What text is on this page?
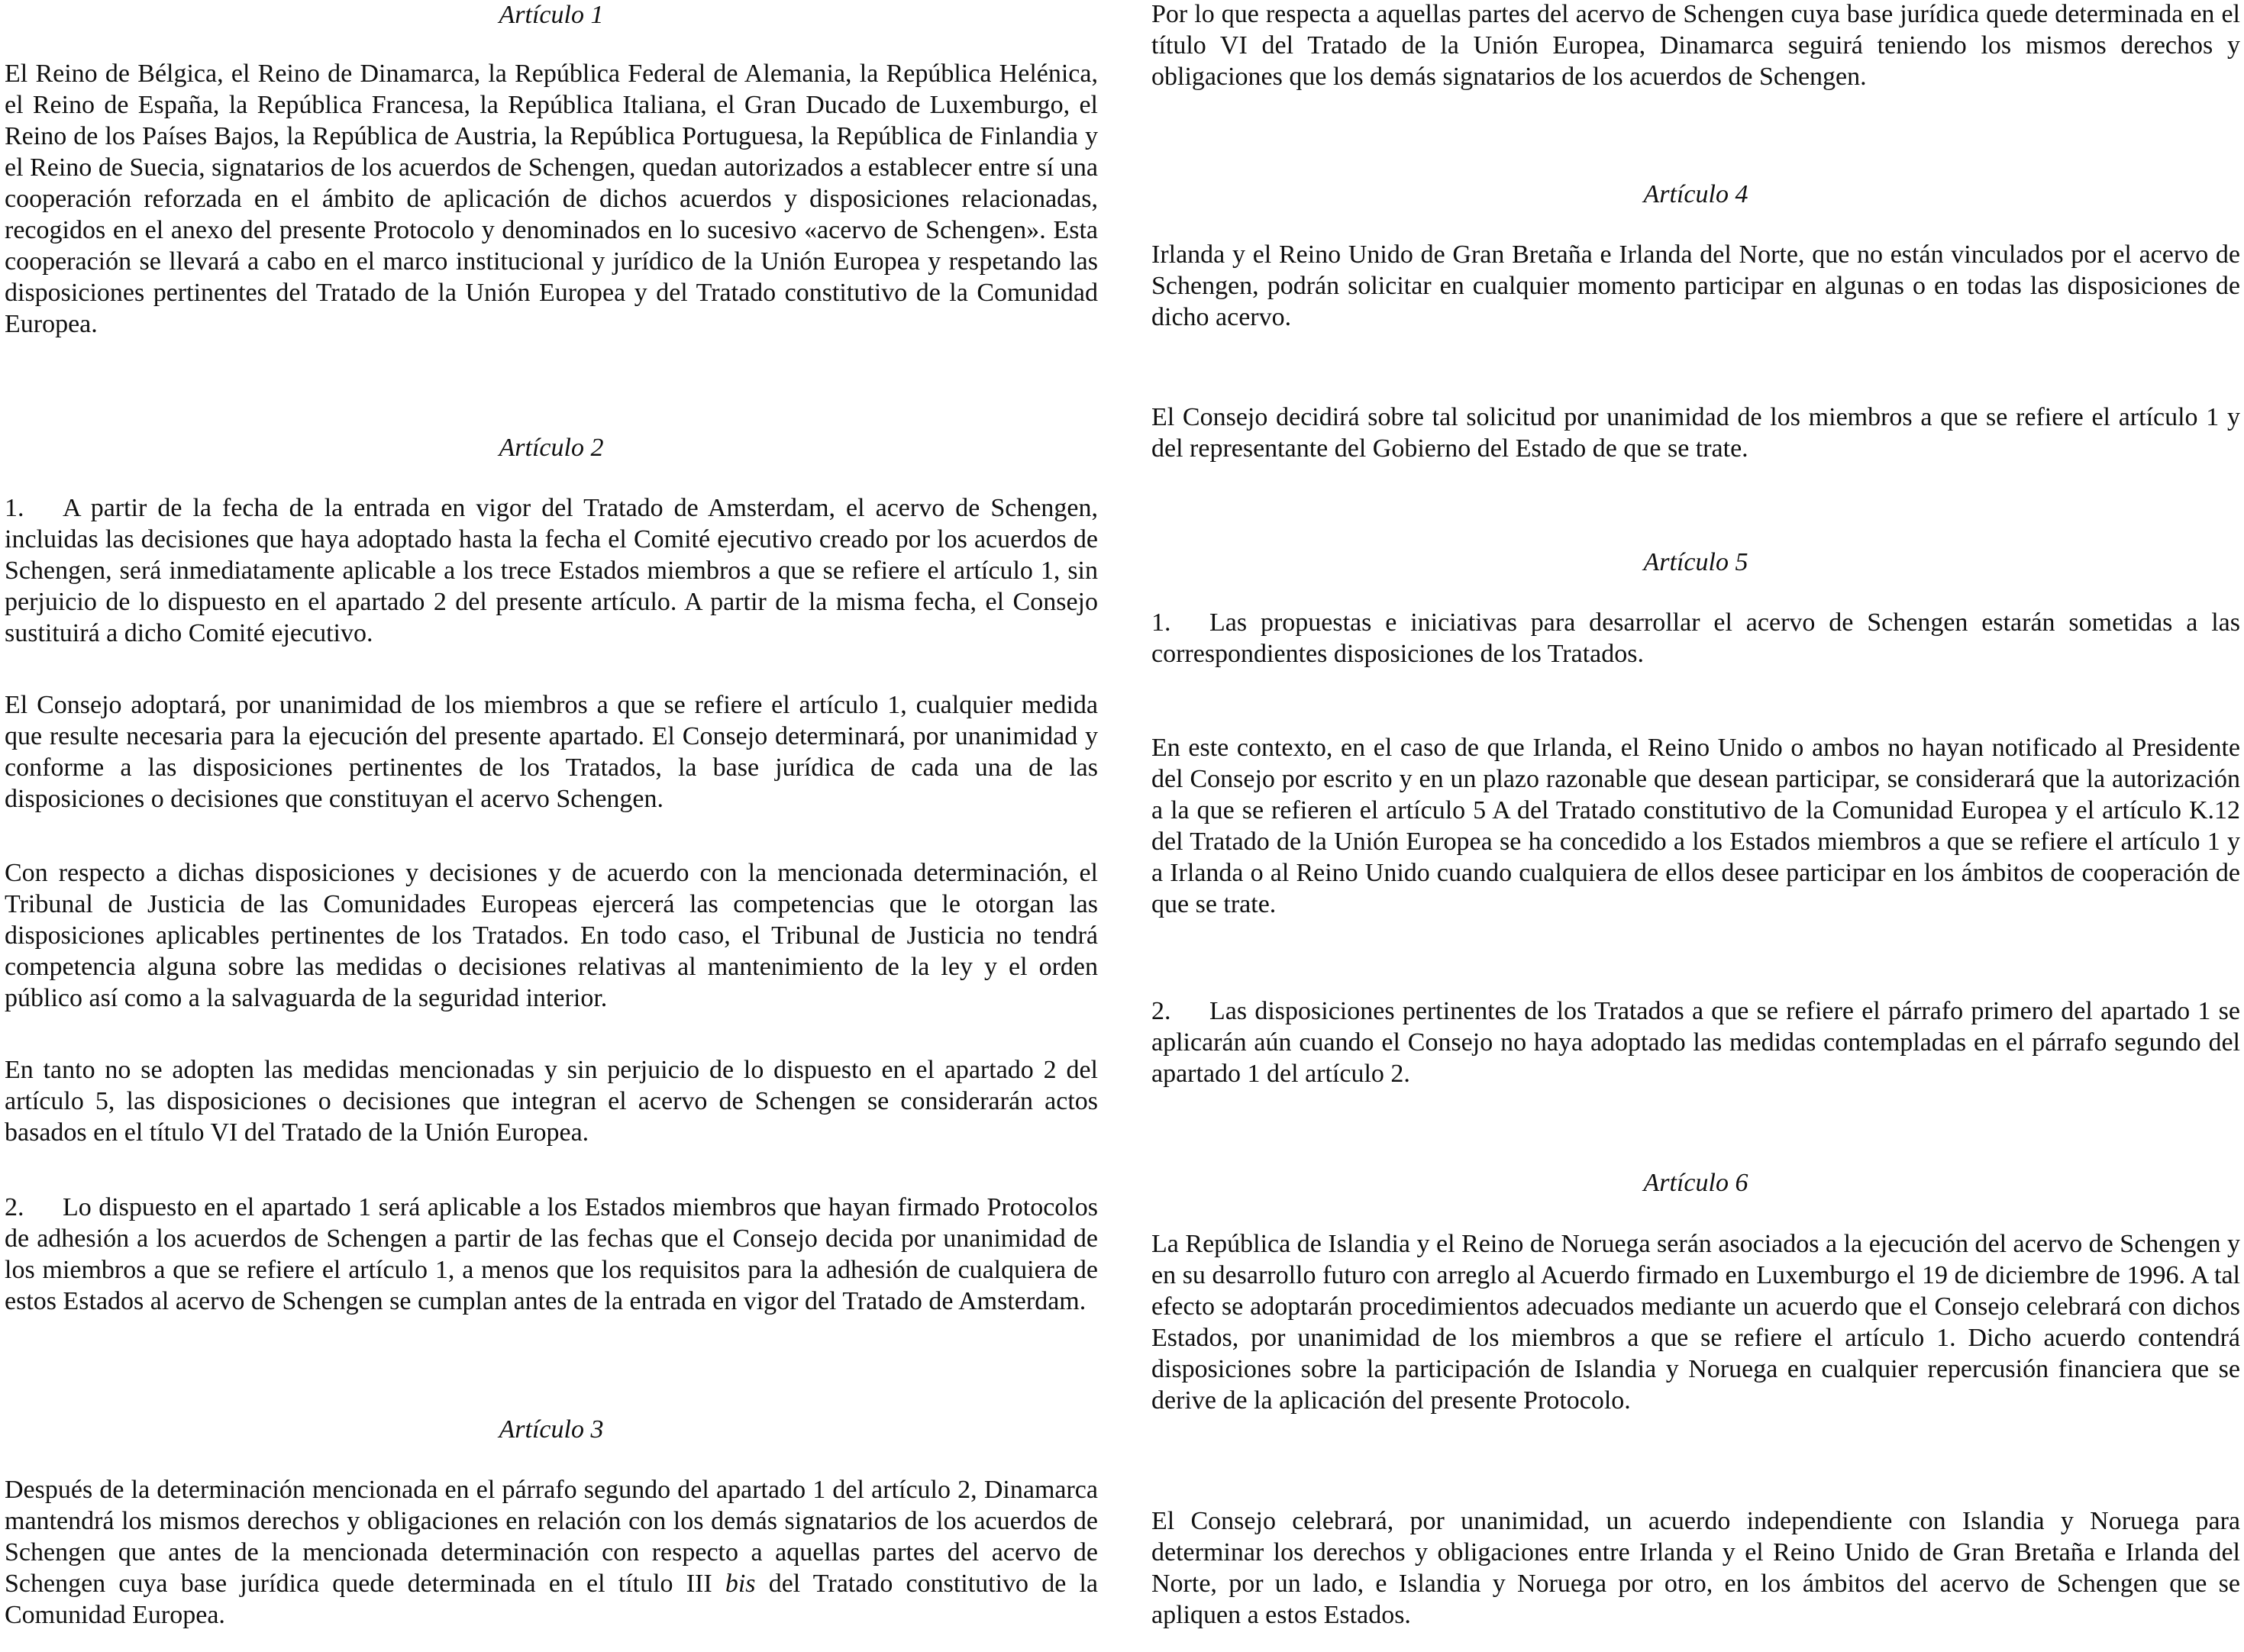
Artículo 1
El Reino de Bélgica, el Reino de Dinamarca, la República Federal de Alemania, la República Helénica, el Reino de España, la República Francesa, la República Italiana, el Gran Ducado de Luxemburgo, el Reino de los Países Bajos, la República de Austria, la República Portuguesa, la República de Finlandia y el Reino de Suecia, signatarios de los acuerdos de Schengen, quedan autorizados a establecer entre sí una cooperación reforzada en el ámbito de aplicación de dichos acuerdos y disposiciones relacionadas, recogidos en el anexo del presente Protocolo y denominados en lo sucesivo «acervo de Schengen». Esta cooperación se llevará a cabo en el marco institucional y jurídico de la Unión Europea y respetando las disposiciones pertinentes del Tratado de la Unión Europea y del Tratado constitutivo de la Comunidad Europea.
Artículo 2
1. A partir de la fecha de la entrada en vigor del Tratado de Amsterdam, el acervo de Schengen, incluidas las decisiones que haya adoptado hasta la fecha el Comité ejecutivo creado por los acuerdos de Schengen, será inmediatamente aplicable a los trece Estados miembros a que se refiere el artículo 1, sin perjuicio de lo dispuesto en el apartado 2 del presente artículo. A partir de la misma fecha, el Consejo sustituirá a dicho Comité ejecutivo.
El Consejo adoptará, por unanimidad de los miembros a que se refiere el artículo 1, cualquier medida que resulte necesaria para la ejecución del presente apartado. El Consejo determinará, por unanimidad y conforme a las disposiciones pertinentes de los Tratados, la base jurídica de cada una de las disposiciones o decisiones que constituyan el acervo Schengen.
Con respecto a dichas disposiciones y decisiones y de acuerdo con la mencionada determinación, el Tribunal de Justicia de las Comunidades Europeas ejercerá las competencias que le otorgan las disposiciones aplicables pertinentes de los Tratados. En todo caso, el Tribunal de Justicia no tendrá competencia alguna sobre las medidas o decisiones relativas al mantenimiento de la ley y el orden público así como a la salvaguarda de la seguridad interior.
En tanto no se adopten las medidas mencionadas y sin perjuicio de lo dispuesto en el apartado 2 del artículo 5, las disposiciones o decisiones que integran el acervo de Schengen se considerarán actos basados en el título VI del Tratado de la Unión Europea.
2. Lo dispuesto en el apartado 1 será aplicable a los Estados miembros que hayan firmado Protocolos de adhesión a los acuerdos de Schengen a partir de las fechas que el Consejo decida por unanimidad de los miembros a que se refiere el artículo 1, a menos que los requisitos para la adhesión de cualquiera de estos Estados al acervo de Schengen se cumplan antes de la entrada en vigor del Tratado de Amsterdam.
Artículo 3
Después de la determinación mencionada en el párrafo segundo del apartado 1 del artículo 2, Dinamarca mantendrá los mismos derechos y obligaciones en relación con los demás signatarios de los acuerdos de Schengen que antes de la mencionada determinación con respecto a aquellas partes del acervo de Schengen cuya base jurídica quede determinada en el título III bis del Tratado constitutivo de la Comunidad Europea.
Por lo que respecta a aquellas partes del acervo de Schengen cuya base jurídica quede determinada en el título VI del Tratado de la Unión Europea, Dinamarca seguirá teniendo los mismos derechos y obligaciones que los demás signatarios de los acuerdos de Schengen.
Artículo 4
Irlanda y el Reino Unido de Gran Bretaña e Irlanda del Norte, que no están vinculados por el acervo de Schengen, podrán solicitar en cualquier momento participar en algunas o en todas las disposiciones de dicho acervo.
El Consejo decidirá sobre tal solicitud por unanimidad de los miembros a que se refiere el artículo 1 y del representante del Gobierno del Estado de que se trate.
Artículo 5
1. Las propuestas e iniciativas para desarrollar el acervo de Schengen estarán sometidas a las correspondientes disposiciones de los Tratados.
En este contexto, en el caso de que Irlanda, el Reino Unido o ambos no hayan notificado al Presidente del Consejo por escrito y en un plazo razonable que desean participar, se considerará que la autorización a la que se refieren el artículo 5 A del Tratado constitutivo de la Comunidad Europea y el artículo K.12 del Tratado de la Unión Europea se ha concedido a los Estados miembros a que se refiere el artículo 1 y a Irlanda o al Reino Unido cuando cualquiera de ellos desee participar en los ámbitos de cooperación de que se trate.
2. Las disposiciones pertinentes de los Tratados a que se refiere el párrafo primero del apartado 1 se aplicarán aún cuando el Consejo no haya adoptado las medidas contempladas en el párrafo segundo del apartado 1 del artículo 2.
Artículo 6
La República de Islandia y el Reino de Noruega serán asociados a la ejecución del acervo de Schengen y en su desarrollo futuro con arreglo al Acuerdo firmado en Luxemburgo el 19 de diciembre de 1996. A tal efecto se adoptarán procedimientos adecuados mediante un acuerdo que el Consejo celebrará con dichos Estados, por unanimidad de los miembros a que se refiere el artículo 1. Dicho acuerdo contendrá disposiciones sobre la participación de Islandia y Noruega en cualquier repercusión financiera que se derive de la aplicación del presente Protocolo.
El Consejo celebrará, por unanimidad, un acuerdo independiente con Islandia y Noruega para determinar los derechos y obligaciones entre Irlanda y el Reino Unido de Gran Bretaña e Irlanda del Norte, por un lado, e Islandia y Noruega por otro, en los ámbitos del acervo de Schengen que se apliquen a estos Estados.
